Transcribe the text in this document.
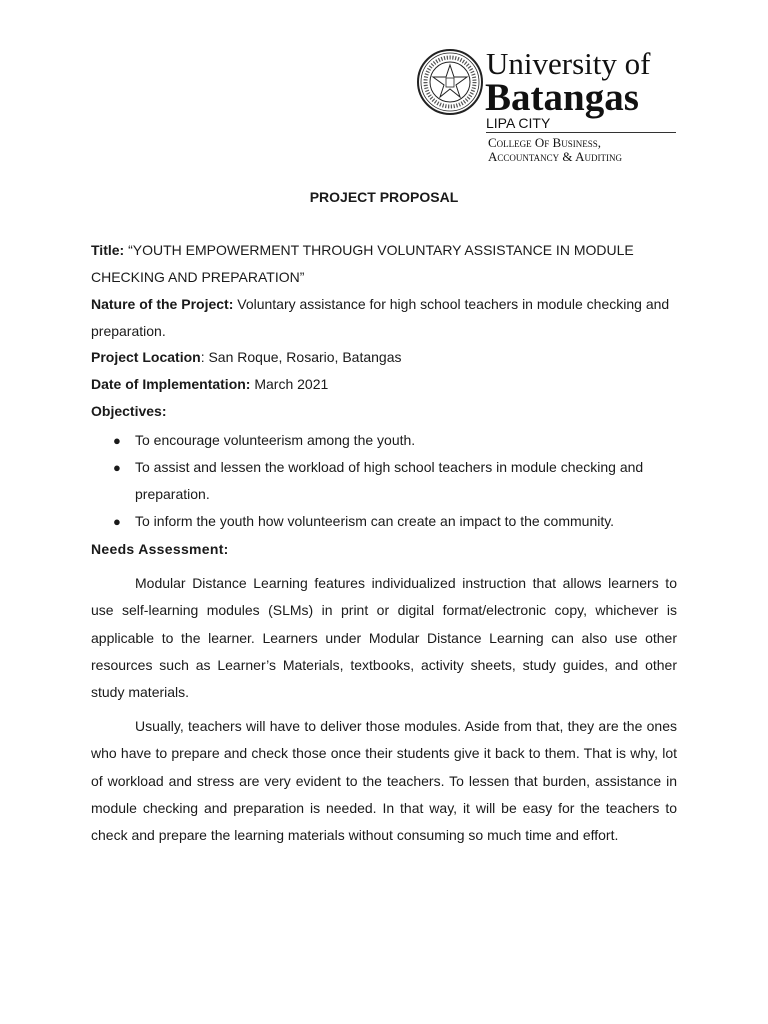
University of
Batangas
LIPA CITY
College Of Business,
Accountancy & Auditing
PROJECT PROPOSAL
Title: “YOUTH EMPOWERMENT THROUGH VOLUNTARY ASSISTANCE IN MODULE CHECKING AND PREPARATION”
Nature of the Project: Voluntary assistance for high school teachers in module checking and preparation.
Project Location: San Roque, Rosario, Batangas
Date of Implementation: March 2021
Objectives:
● To encourage volunteerism among the youth.
● To assist and lessen the workload of high school teachers in module checking and preparation.
● To inform the youth how volunteerism can create an impact to the community.
Needs Assessment:

Modular Distance Learning features individualized instruction that allows learners to use self-learning modules (SLMs) in print or digital format/electronic copy, whichever is applicable to the learner. Learners under Modular Distance Learning can also use other resources such as Learner’s Materials, textbooks, activity sheets, study guides, and other study materials.

Usually, teachers will have to deliver those modules. Aside from that, they are the ones who have to prepare and check those once their students give it back to them. That is why, lot of workload and stress are very evident to the teachers. To lessen that burden, assistance in module checking and preparation is needed. In that way, it will be easy for the teachers to check and prepare the learning materials without consuming so much time and effort.
